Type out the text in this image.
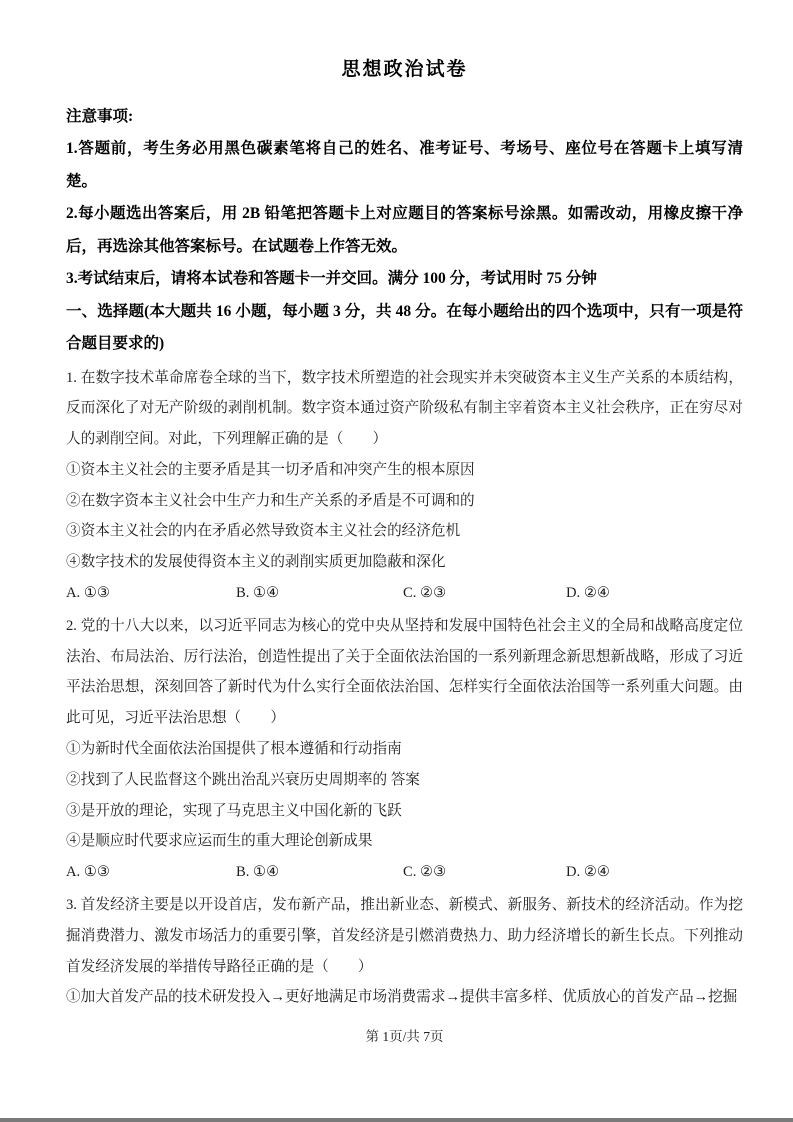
思想政治试卷
注意事项:

1.答题前，考生务必用黑色碳素笔将自己的姓名、准考证号、考场号、座位号在答题卡上填写清楚。

2.每小题选出答案后，用 2B 铅笔把答题卡上对应题目的答案标号涂黑。如需改动，用橡皮擦干净后，再选涂其他答案标号。在试题卷上作答无效。

3.考试结束后，请将本试卷和答题卡一并交回。满分 100 分，考试用时 75 分钟

一、选择题(本大题共 16 小题，每小题 3 分，共 48 分。在每小题给出的四个选项中，只有一项是符合题目要求的)

1. 在数字技术革命席卷全球的当下，数字技术所塑造的社会现实并未突破资本主义生产关系的本质结构，反而深化了对无产阶级的剥削机制。数字资本通过资产阶级私有制主宰着资本主义社会秩序，正在穷尽对人的剥削空间。对此，下列理解正确的是（　　）

①资本主义社会的主要矛盾是其一切矛盾和冲突产生的根本原因

②在数字资本主义社会中生产力和生产关系的矛盾是不可调和的

③资本主义社会的内在矛盾必然导致资本主义社会的经济危机

④数字技术的发展使得资本主义的剥削实质更加隐蔽和深化

A. ①③	B. ①④	C. ②③	D. ②④

2. 党的十八大以来，以习近平同志为核心的党中央从坚持和发展中国特色社会主义的全局和战略高度定位法治、布局法治、厉行法治，创造性提出了关于全面依法治国的一系列新理念新思想新战略，形成了习近平法治思想，深刻回答了新时代为什么实行全面依法治国、怎样实行全面依法治国等一系列重大问题。由此可见，习近平法治思想（　　）

①为新时代全面依法治国提供了根本遵循和行动指南

②找到了人民监督这个跳出治乱兴衰历史周期率的 答案

③是开放的理论，实现了马克思主义中国化新的飞跃

④是顺应时代要求应运而生的重大理论创新成果

A. ①③	B. ①④	C. ②③	D. ②④

3. 首发经济主要是以开设首店，发布新产品，推出新业态、新模式、新服务、新技术的经济活动。作为挖掘消费潜力、激发市场活力的重要引擎，首发经济是引燃消费热力、助力经济增长的新生长点。下列推动首发经济发展的举措传导路径正确的是（　　）

①加大首发产品的技术研发投入→更好地满足市场消费需求→提供丰富多样、优质放心的首发产品→挖掘

第 1页/共 7页
